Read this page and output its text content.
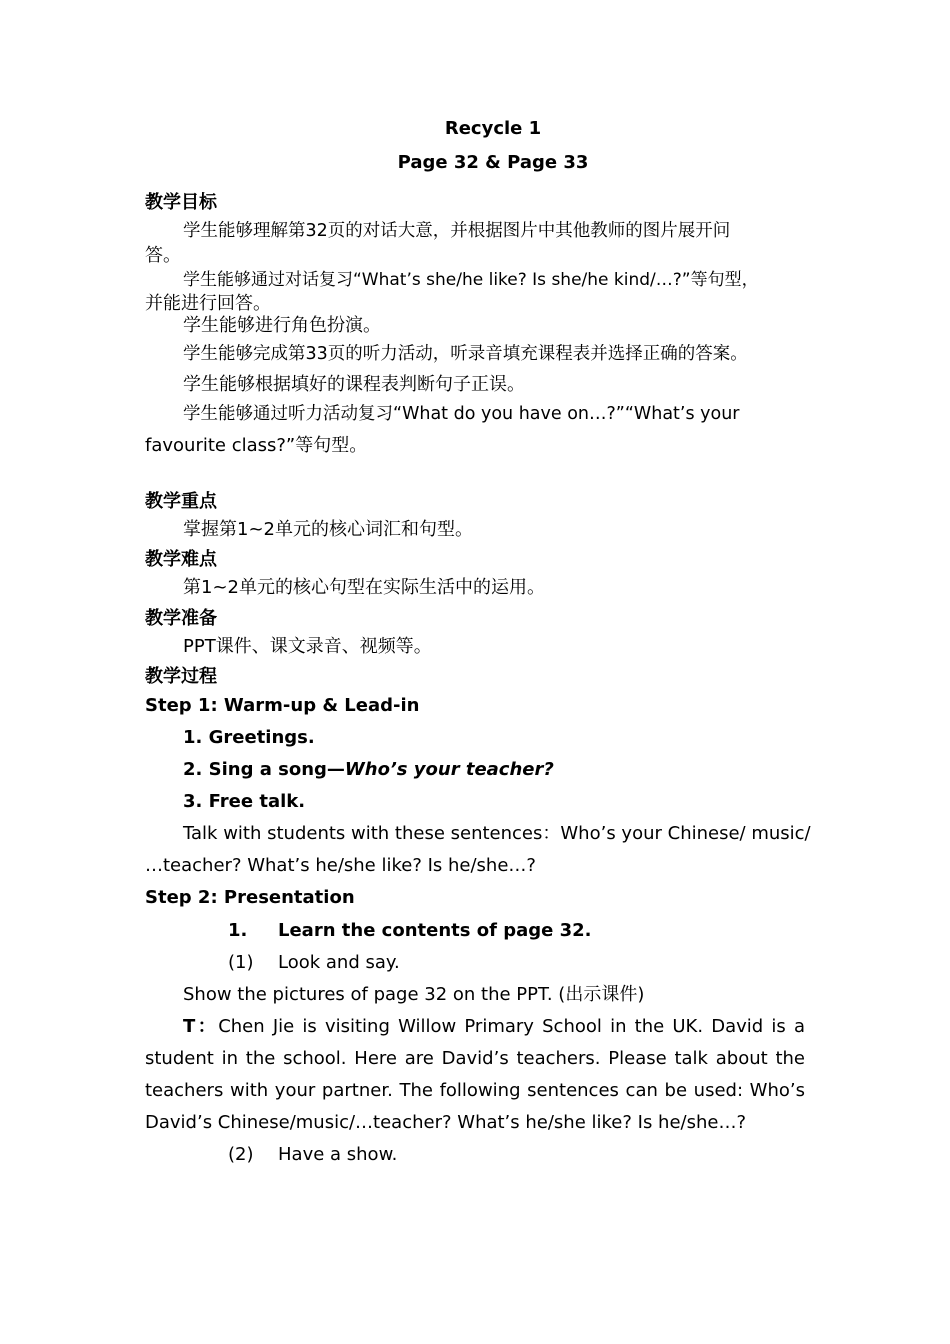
Recycle 1
Page 32 & Page 33
教学目标
学生能够理解第32页的对话大意，并根据图片中其他教师的图片展开问
答。
学生能够通过对话复习“What’s she/he like? Is she/he kind/…?”等句型，
并能进行回答。
学生能够进行角色扮演。
学生能够完成第33页的听力活动，听录音填充课程表并选择正确的答案。
学生能够根据填好的课程表判断句子正误。
学生能够通过听力活动复习“What do you have on…?”“What’s your
favourite class?”等句型。
教学重点
掌握第1~2单元的核心词汇和句型。
教学难点
第1~2单元的核心句型在实际生活中的运用。
教学准备
PPT课件、课文录音、视频等。
教学过程
Step 1: Warm-up & Lead-in
1. Greetings.
2. Sing a song—Who’s your teacher?
3. Free talk.
Talk with students with these sentences：Who’s your Chinese/ music/
…teacher? What’s he/she like? Is he/she…?
Step 2: Presentation
1. Learn the contents of page 32.
(1) Look and say.
Show the pictures of page 32 on the PPT. (出示课件)
T：Chen Jie is visiting Willow Primary School in the UK. David is a student in the school. Here are David’s teachers. Please talk about the teachers with your partner. The following sentences can be used: Who’s David’s Chinese/music/…teacher? What’s he/she like? Is he/she…?
(2) Have a show.
